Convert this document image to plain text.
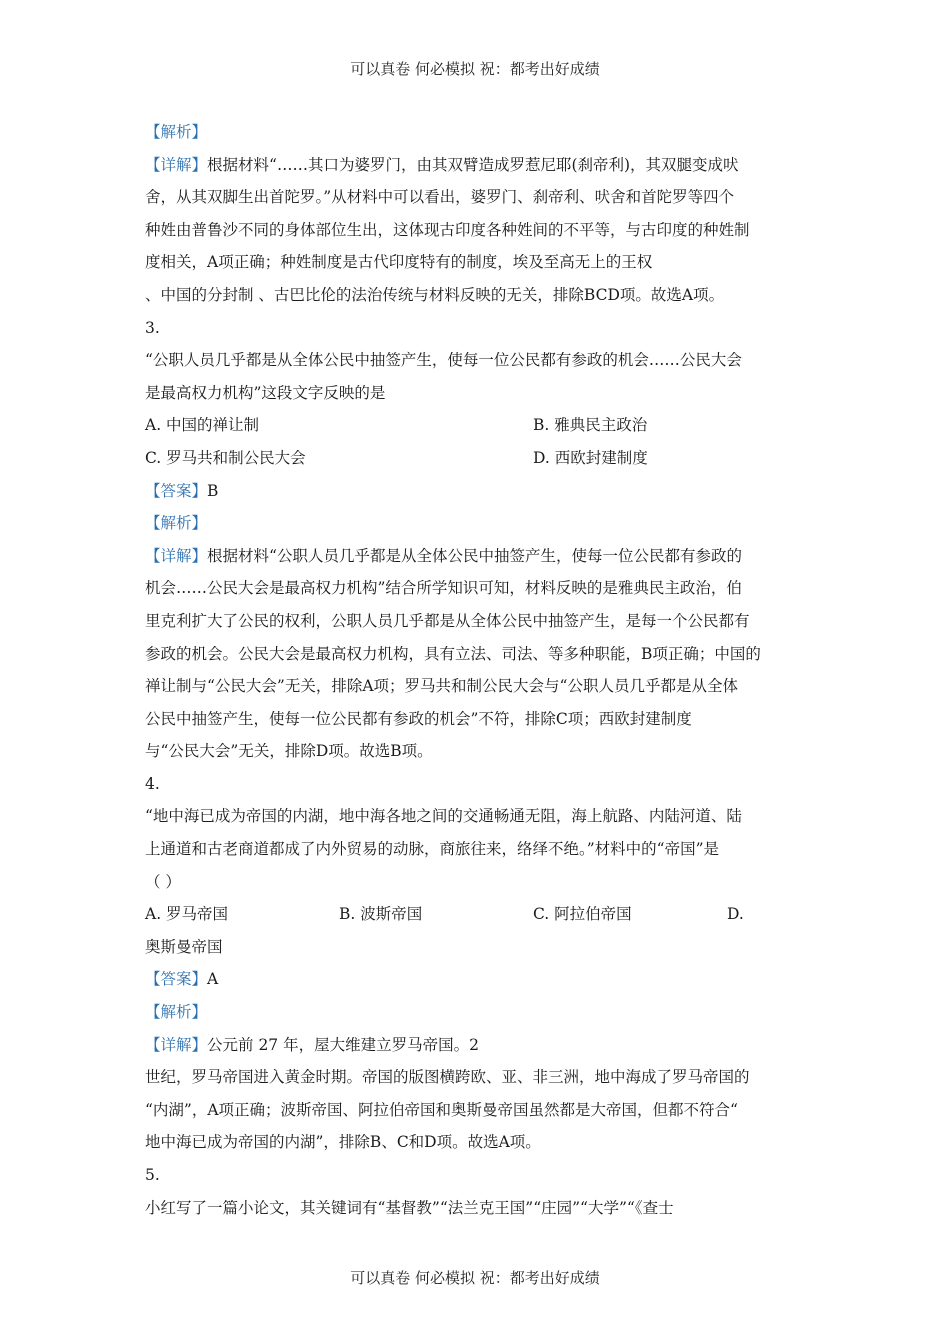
可以真卷 何必模拟 祝：都考出好成绩
【解析】
【详解】根据材料“……其口为婆罗门，由其双臂造成罗惹尼耶(刹帝利)，其双腿变成吠
舍，从其双脚生出首陀罗。”从材料中可以看出，婆罗门、刹帝利、吠舍和首陀罗等四个
种姓由普鲁沙不同的身体部位生出，这体现古印度各种姓间的不平等，与古印度的种姓制
度相关，A项正确；种姓制度是古代印度特有的制度，埃及至高无上的王权
、中国的分封制 、古巴比伦的法治传统与材料反映的无关，排除BCD项。故选A项。
3.
“公职人员几乎都是从全体公民中抽签产生，使每一位公民都有参政的机会……公民大会
是最高权力机构”这段文字反映的是
A. 中国的禅让制	B. 雅典民主政治
C. 罗马共和制公民大会	D. 西欧封建制度
【答案】B
【解析】
【详解】根据材料“公职人员几乎都是从全体公民中抽签产生，使每一位公民都有参政的
机会……公民大会是最高权力机构”结合所学知识可知，材料反映的是雅典民主政治，伯
里克利扩大了公民的权利，公职人员几乎都是从全体公民中抽签产生，是每一个公民都有
参政的机会。公民大会是最高权力机构，具有立法、司法、等多种职能，B项正确；中国的
禅让制与“公民大会”无关，排除A项；罗马共和制公民大会与“公职人员几乎都是从全体
公民中抽签产生，使每一位公民都有参政的机会”不符，排除C项；西欧封建制度
与“公民大会”无关，排除D项。故选B项。
4.
“地中海已成为帝国的内湖，地中海各地之间的交通畅通无阻，海上航路、内陆河道、陆
上通道和古老商道都成了内外贸易的动脉，商旅往来，络绎不绝。”材料中的“帝国”是
（ ）
A. 罗马帝国	B. 波斯帝国	C. 阿拉伯帝国	D.
奥斯曼帝国
【答案】A
【解析】
【详解】公元前 27 年，屋大维建立罗马帝国。2
世纪，罗马帝国进入黄金时期。帝国的版图横跨欧、亚、非三洲，地中海成了罗马帝国的
“内湖”，A项正确；波斯帝国、阿拉伯帝国和奥斯曼帝国虽然都是大帝国，但都不符合“
地中海已成为帝国的内湖”，排除B、C和D项。故选A项。
5.
小红写了一篇小论文，其关键词有“基督教”“法兰克王国”“庄园”“大学”“《查士
可以真卷 何必模拟 祝：都考出好成绩
